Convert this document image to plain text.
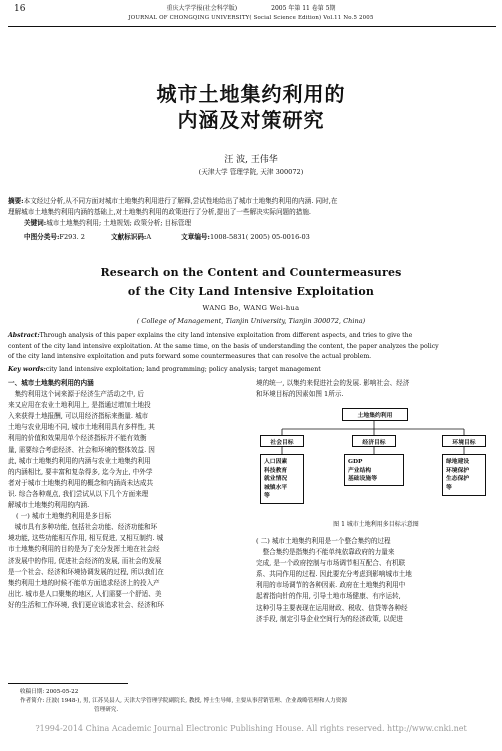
16	重庆大学学报(社会科学版)	2005 年第 11 卷第 5期
JOURNAL OF CHONGQING UNIVERSITY( Social Science Edition) Vol.11 No.5 2005
城市土地集约利用的
内涵及对策研究
汪 波, 王伟华
(天津大学 管理学院, 天津 300072)
摘要:本文经过分析,从不同方面对城市土地集约利用进行了解释,尝试性地给出了城市土地集约利用的内涵. 同时,在
理解城市土地集约利用内涵的基础上,对土地集约利用的政策进行了分析,提出了一些解决实际问题的措施.
关键词:城市土地集约利用; 土地规划; 政策分析; 目标管理
中图分类号:F293. 2	文献标识码:A	文章编号:1008-5831( 2005) 05-0016-03
Research on the Content and Countermeasures
of the City Land Intensive Exploitation
WANG Bo, WANG Wei-hua
( College of Management, Tianjin University, Tianjin 300072, China)
Abstract:Through analysis of this paper explains the city land intensive exploitation from different aspects, and tries to give the
content of the city land intensive exploitation. At the same time, on the basis of understanding the content, the paper analyzes the policy
of the city land intensive exploitation and puts forward some countermeasures that can resolve the actual problem.
Key words:city land intensive exploitation; land programming; policy analysis; target management
一、城市土地集约利用的内涵
　集约利用这个词来源于经济生产活动之中, 后
来又应用在农业土地利用上, 是指通过增加土地投
入来获得土地报酬, 可以用经济指标来衡量. 城市
土地与农业用地不同, 城市土地利用具有多样性, 其
利用的价值和效果用单个经济指标并不能有效衡
量, 需要综合考虑经济、社会和环境的整体效益. 因
此, 城市土地集约利用的内涵与农业土地集约利用
的内涵相比, 要丰富和复杂得多, 迄今为止, 中外学
者对于城市土地集约利用的概念和内涵尚未达成共
识. 综合各种观点, 我们尝试从以下几个方面来理
解城市土地集约利用的内涵.
( 一) 城市土地集约利用是多目标
　城市具有多种功能, 包括社会功能、经济功能和环
境功能, 这些功能相互作用, 相互促进, 又相互制约. 城
市土地集约利用的目的是为了充分发挥土地在社会经
济发展中的作用, 促进社会经济的发展, 而社会的发展
是一个社会、经济和环境协调发展的过程, 所以我们在
集约利用土地的时候不能单方面追求经济上的投入产
出比. 城市是人口聚集的地区, 人们需要一个舒适、美
好的生活和工作环境, 我们更应该追求社会、经济和环
境的统一, 以集约来促进社会的发展. 影响社会、经济
和环境目标的因素如图 1所示.
土地集约利用
社会目标	经济目标	环境目标
人口因素
科技教育
就业情况
城镇水平
等
GDP
产业结构
基础设施等
绿地建设
环境保护
生态保护
等
图 1 城市土地利用多目标示意图
( 二) 城市土地集约利用是一个整合集约的过程
　整合集约是指集约不能单纯依靠政府的力量来
完成, 是一个政府控制与市场调节相互配合、有机联
系、共同作用的过程. 因此要充分考虑到影响城市土地
利用的市场调节的各种因素. 政府在土地集约利用中
起着指向针的作用, 引导土地市场健康、有序运转,
这种引导主要表现在运用财政、税收、信贷等各种经
济手段, 制定引导企业空间行为的经济政策, 以促进
收稿日期: 2005-05-22
作者简介: 汪波( 1948-), 男, 江苏吴县人, 天津大学管理学院副院长, 教授, 博士生导师, 主要从事营销管理、企业战略管理和人力资源
管理研究.
?1994-2014 China Academic Journal Electronic Publishing House. All rights reserved. http://www.cnki.net
